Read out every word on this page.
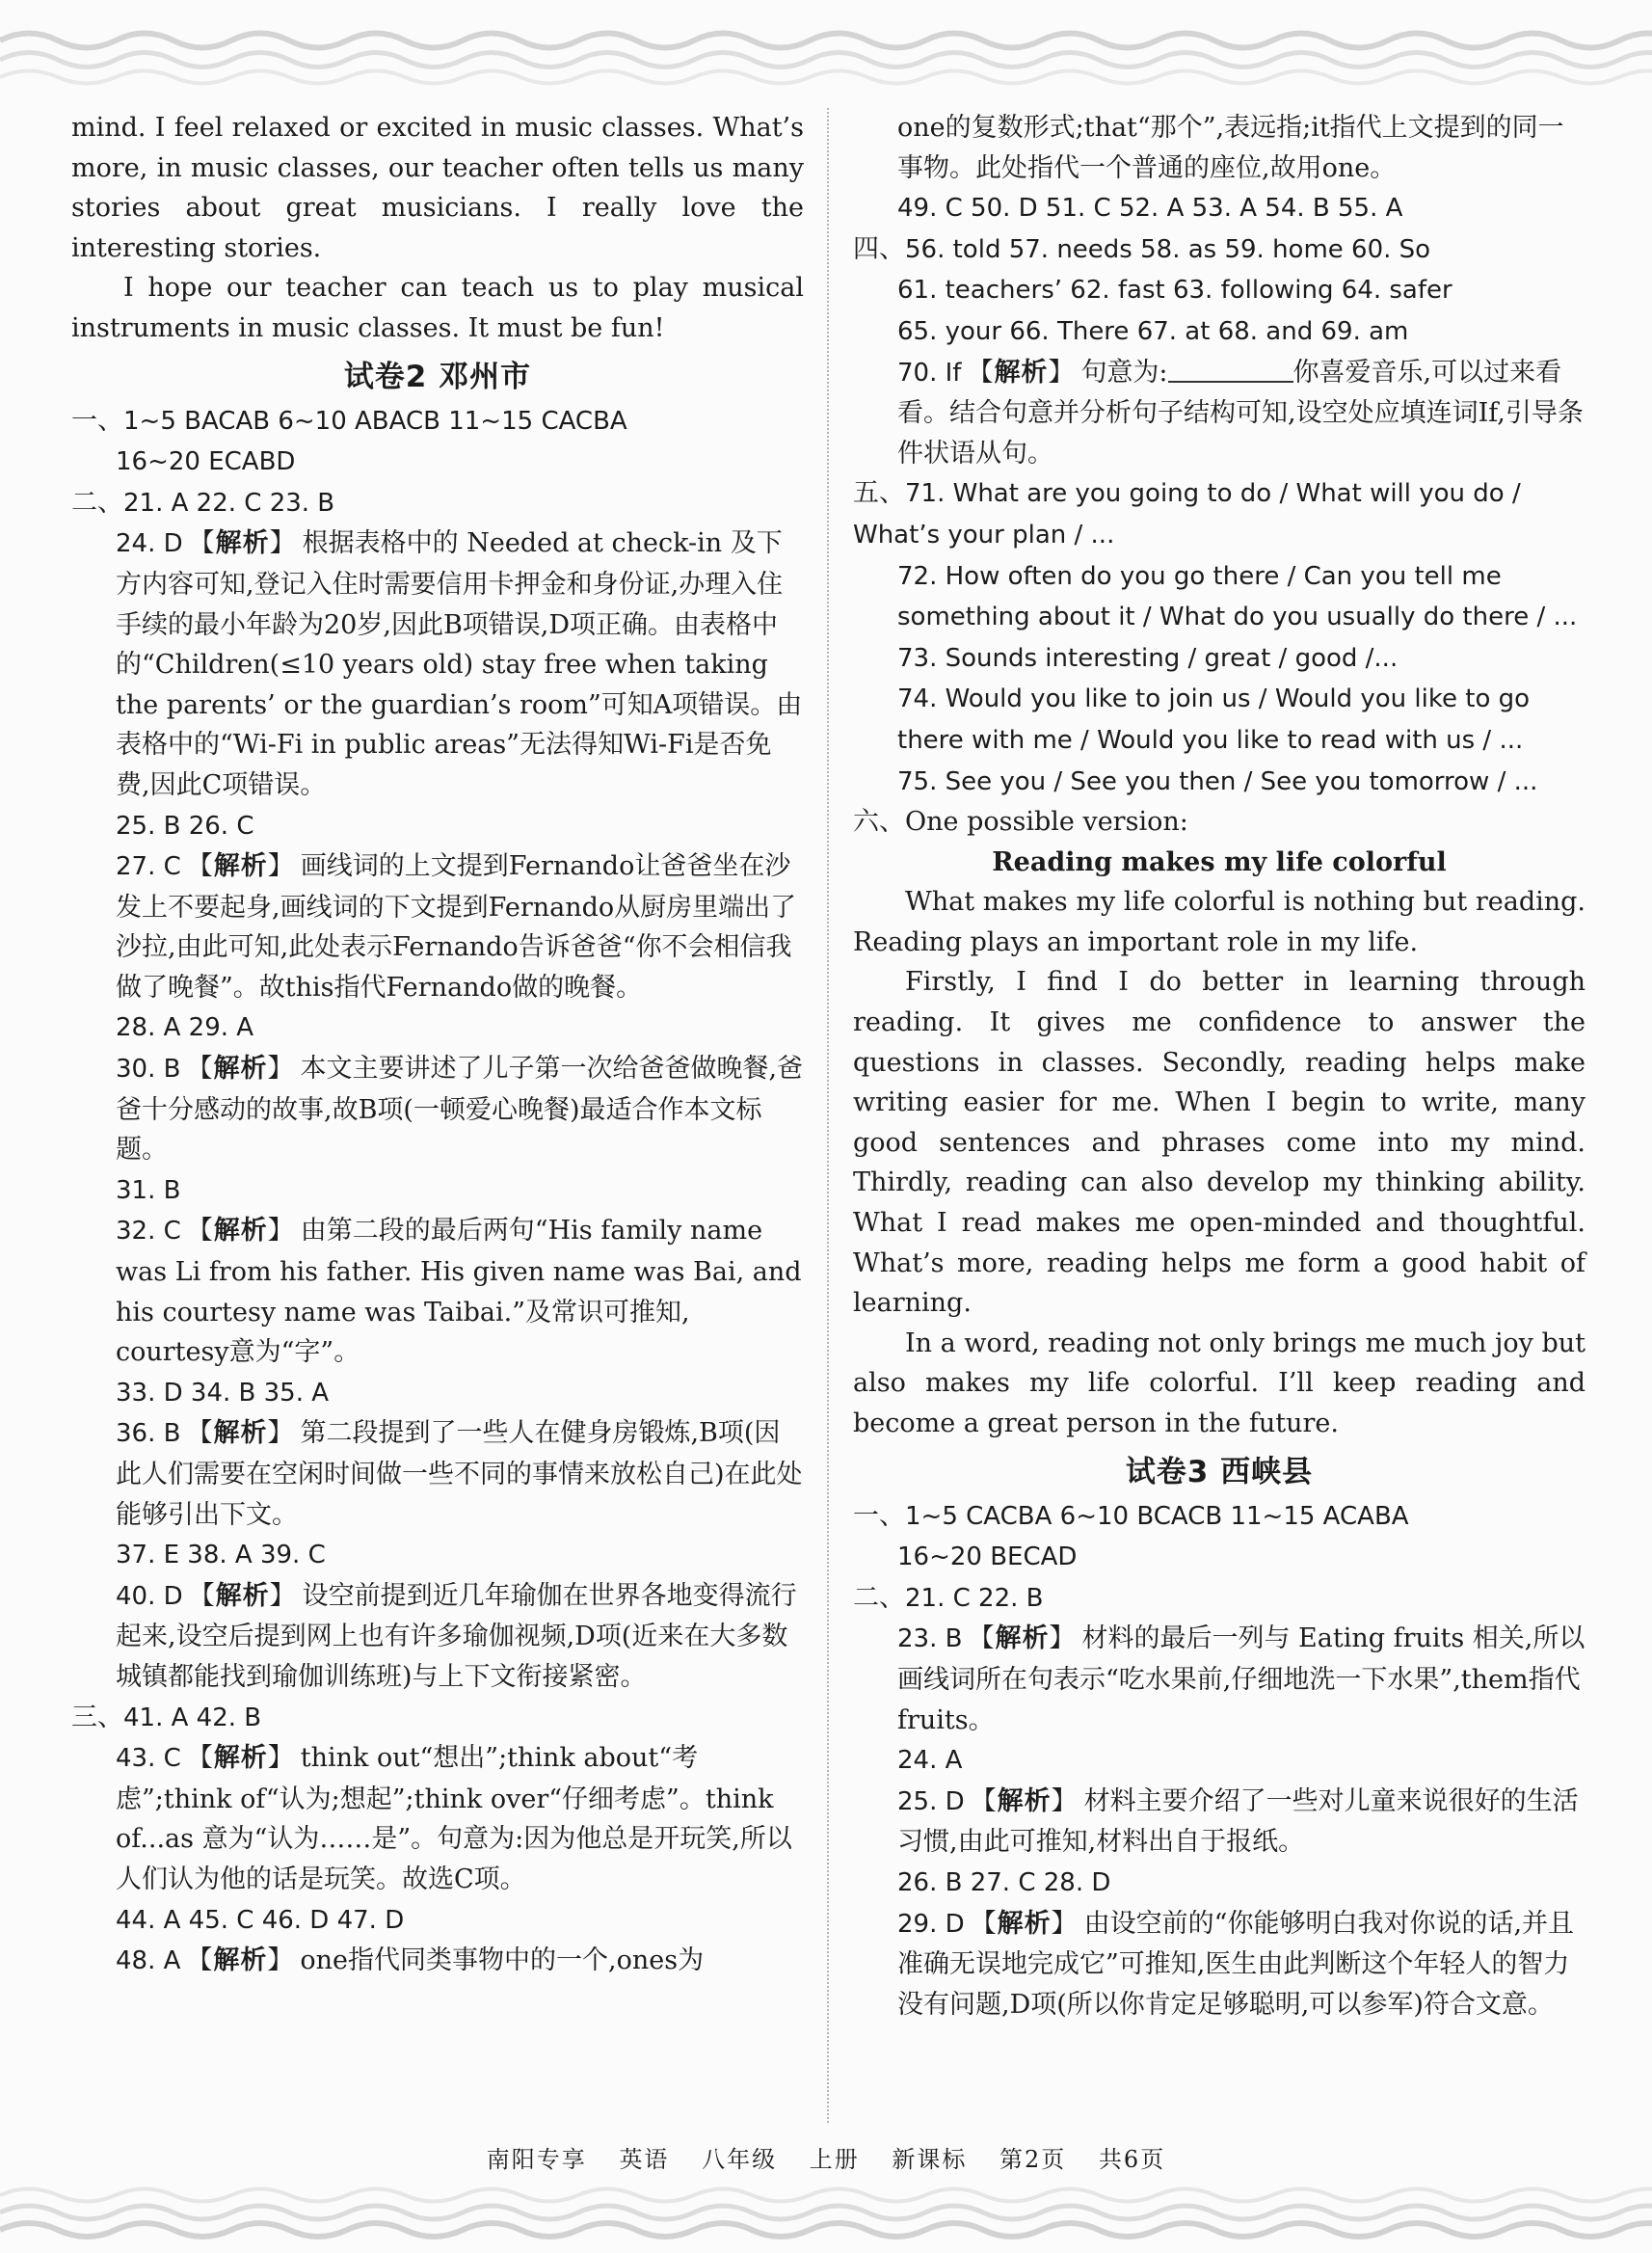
mind. I feel relaxed or excited in music classes. What’s more, in music classes, our teacher often tells us many stories about great musicians. I really love the interesting stories.

I hope our teacher can teach us to play musical instruments in music classes. It must be fun!

试卷2 邓州市
一、1~5 BACAB 6~10 ABACB 11~15 CACBA
16~20 ECABD
二、21. A 22. C 23. B
24. D 【 解析 】 根据表格中的 Needed at check-in 及下方内容可知,登记入住时需要信用卡押金和身份证,办理入住手续的最小年龄为20岁,因此B项错误,D项正确。由表格中的“Children(≤10 years old) stay free when taking the parents’ or the guardian’s room”可知A项错误。由表格中的“Wi-Fi in public areas”无法得知Wi-Fi是否免费,因此C项错误。
25. B 26. C
27. C 【 解析 】 画线词的上文提到Fernando让爸爸坐在沙发上不要起身,画线词的下文提到Fernando从厨房里端出了沙拉,由此可知,此处表示Fernando告诉爸爸“你不会相信我做了晚餐”。故this指代Fernando做的晚餐。
28. A 29. A
30. B 【 解析 】 本文主要讲述了儿子第一次给爸爸做晚餐,爸爸十分感动的故事,故B项(一顿爱心晚餐)最适合作本文标题。
31. B
32. C 【 解析 】 由第二段的最后两句“His family name was Li from his father. His given name was Bai, and his courtesy name was Taibai.”及常识可推知, courtesy意为“字”。
33. D 34. B 35. A
36. B 【 解析 】 第二段提到了一些人在健身房锻炼,B项(因此人们需要在空闲时间做一些不同的事情来放松自己)在此处能够引出下文。
37. E 38. A 39. C
40. D 【 解析 】 设空前提到近几年瑜伽在世界各地变得流行起来,设空后提到网上也有许多瑜伽视频,D项(近来在大多数城镇都能找到瑜伽训练班)与上下文衔接紧密。
三、41. A 42. B
43. C 【 解析 】 think out“想出”;think about“考虑”;think of“认为;想起”;think over“仔细考虑”。think of...as 意为“认为……是”。句意为:因为他总是开玩笑,所以人们认为他的话是玩笑。故选C项。
44. A 45. C 46. D 47. D
48. A 【 解析 】 one指代同类事物中的一个,ones为
one的复数形式;that“那个”,表远指;it指代上文提到的同一事物。此处指代一个普通的座位,故用one。
49. C 50. D 51. C 52. A 53. A 54. B 55. A
四、56. told 57. needs 58. as 59. home 60. So
61. teachers’ 62. fast 63. following 64. safer
65. your 66. There 67. at 68. and 69. am
70. If 【 解析 】 句意为:	你喜爱音乐,可以过来看看。结合句意并分析句子结构可知,设空处应填连词If,引导条件状语从句。
五、71. What are you going to do / What will you do / What’s your plan / ...
72. How often do you go there / Can you tell me something about it / What do you usually do there / ...
73. Sounds interesting / great / good /...
74. Would you like to join us / Would you like to go there with me / Would you like to read with us / ...
75. See you / See you then / See you tomorrow / ...
六、One possible version:
Reading makes my life colorful

What makes my life colorful is nothing but reading. Reading plays an important role in my life.

Firstly, I find I do better in learning through reading. It gives me confidence to answer the questions in classes. Secondly, reading helps make writing easier for me. When I begin to write, many good sentences and phrases come into my mind. Thirdly, reading can also develop my thinking ability. What I read makes me open-minded and thoughtful. What’s more, reading helps me form a good habit of learning.

In a word, reading not only brings me much joy but also makes my life colorful. I’ll keep reading and become a great person in the future.

试卷3 西峡县
一、1~5 CACBA 6~10 BCACB 11~15 ACABA
16~20 BECAD
二、21. C 22. B
23. B 【 解析 】 材料的最后一列与 Eating fruits 相关,所以画线词所在句表示“吃水果前,仔细地洗一下水果”,them指代fruits。
24. A
25. D 【 解析 】 材料主要介绍了一些对儿童来说很好的生活习惯,由此可推知,材料出自于报纸。
26. B 27. C 28. D
29. D 【 解析 】 由设空前的“你能够明白我对你说的话,并且准确无误地完成它”可推知,医生由此判断这个年轻人的智力没有问题,D项(所以你肯定足够聪明,可以参军)符合文意。
南阳专享 英语 八年级 上册 新课标 第2页 共6页
